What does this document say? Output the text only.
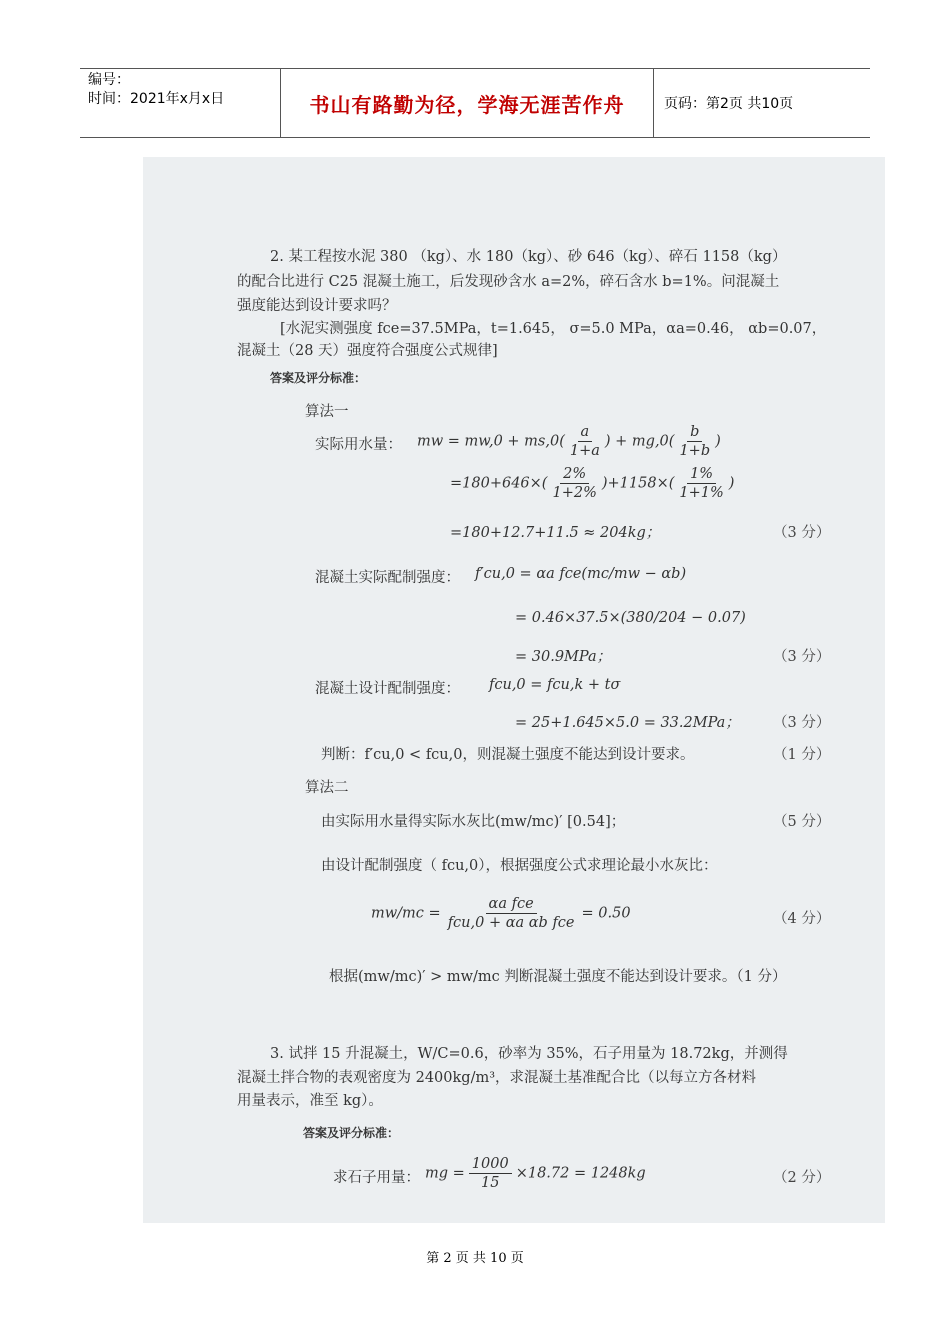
编号：
时间：2021年x月x日	书山有路勤为径，学海无涯苦作舟	页码：第2页 共10页
2. 某工程按水泥 380 （kg）、水 180（kg）、砂 646（kg）、碎石 1158（kg）
的配合比进行 C25 混凝土施工，后发现砂含水 a=2%，碎石含水 b=1%。问混凝土
强度能达到设计要求吗？
[水泥实测强度 fce=37.5MPa，t=1.645， σ=5.0 MPa，αa=0.46， αb=0.07，
混凝土（28 天）强度符合强度公式规律]
答案及评分标准：
算法一
实际用水量： mw = $mw,0 + ms,0( \frac{a}{1+a}$ ) + $mg,0( \frac{b}{1+b}$ )
$=180+646\times( \frac{2\%}{1+2\%} )+1158\times( \frac{1\%}{1+1\%}$ )
=180+12.7+11.5 ≈ 204kg；	（3 分）
混凝土实际配制强度： f′cu,0 = αa fce(mc/mw − αb)
= 0.46×37.5×(380/204 − 0.07)
= 30.9MPa；	（3 分）
混凝土设计配制强度： fcu,0 = fcu,k + tσ
= 25+1.645×5.0 = 33.2MPa； （3 分）
判断：f′cu,0 < fcu,0，则混凝土强度不能达到设计要求。	（1 分）
算法二
由实际用水量得实际水灰比(mw/mc)′ [0.54]；	（5 分）
由设计配制强度（ fcu,0），根据强度公式求理论最小水灰比：
$mw/mc = \frac{\text{αa fce}}{\text{fcu,0 + αa αb fce}} = 0.50$	（4 分）
根据(mw/mc)′ > mw/mc 判断混凝土强度不能达到设计要求。（1 分）
3. 试拌 15 升混凝土，W/C=0.6，砂率为 35%，石子用量为 18.72kg，并测得
混凝土拌合物的表观密度为 2400kg/m³，求混凝土基准配合比（以每立方各材料
用量表示，准至 kg）。
答案及评分标准：
求石子用量： mg = $\frac{1000}{15} \times 18.72 = 1248kg$	（2 分）
第 2 页 共 10 页
